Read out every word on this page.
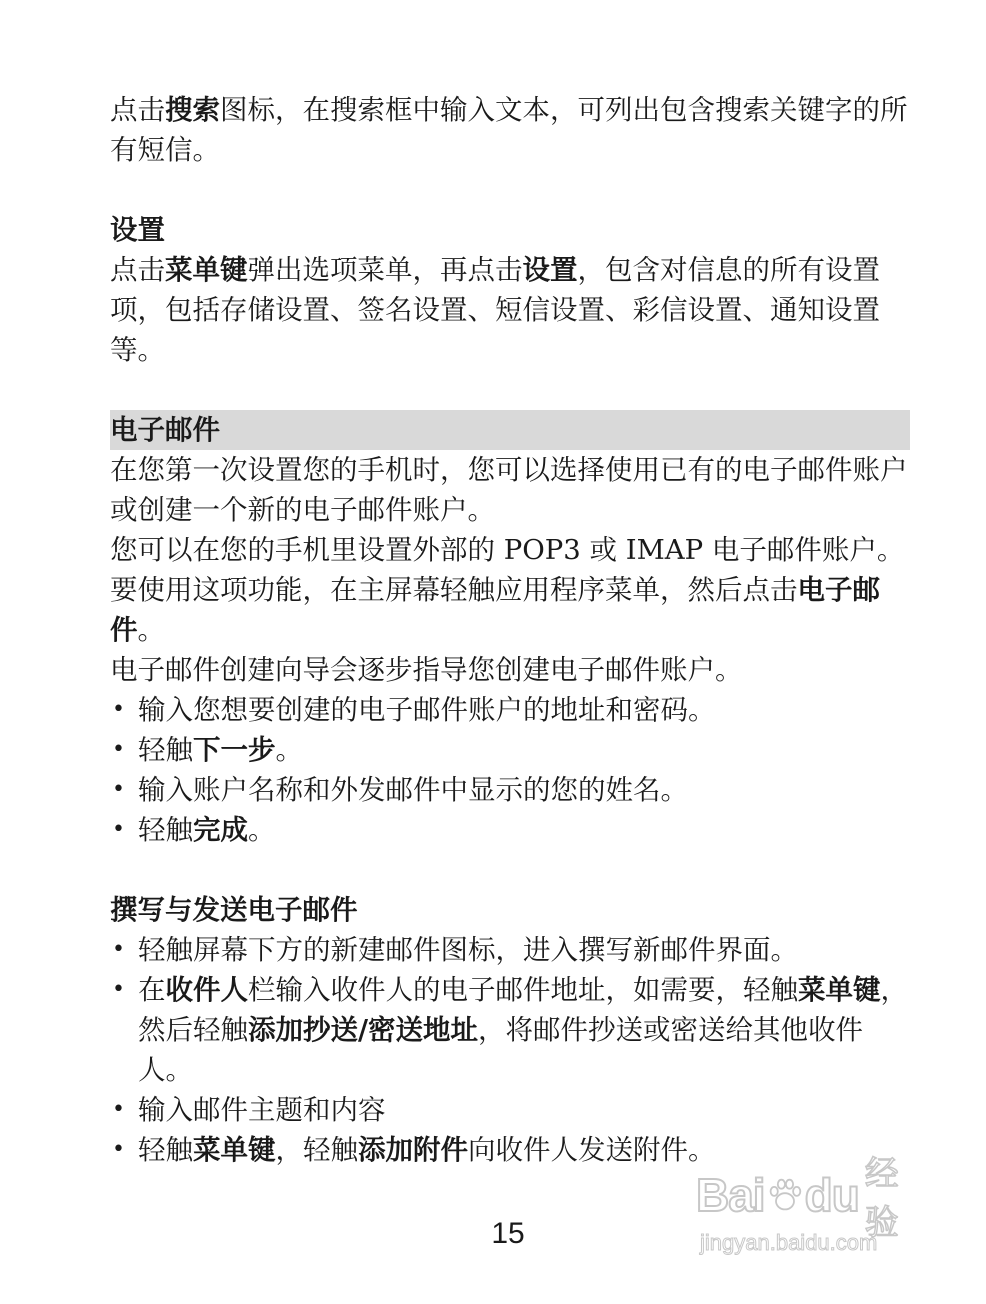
点击搜索图标，在搜索框中输入文本，可列出包含搜索关键字的所有短信。

设置

点击菜单键弹出选项菜单，再点击设置，包含对信息的所有设置项，包括存储设置、签名设置、短信设置、彩信设置、通知设置等。

电子邮件

在您第一次设置您的手机时，您可以选择使用已有的电子邮件账户或创建一个新的电子邮件账户。

您可以在您的手机里设置外部的 POP3 或 IMAP 电子邮件账户。

要使用这项功能，在主屏幕轻触应用程序菜单，然后点击电子邮件。

电子邮件创建向导会逐步指导您创建电子邮件账户。

• 输入您想要创建的电子邮件账户的地址和密码。
• 轻触下一步。
• 输入账户名称和外发邮件中显示的您的姓名。
• 轻触完成。
撰写与发送电子邮件
• 轻触屏幕下方的新建邮件图标，进入撰写新邮件界面。
• 在收件人栏输入收件人的电子邮件地址，如需要，轻触菜单键，然后轻触添加抄送/密送地址，将邮件抄送或密送给其他收件人。
• 输入邮件主题和内容
• 轻触菜单键，轻触添加附件向收件人发送附件。
15
Bai du 经验
jingyan.baidu.com
